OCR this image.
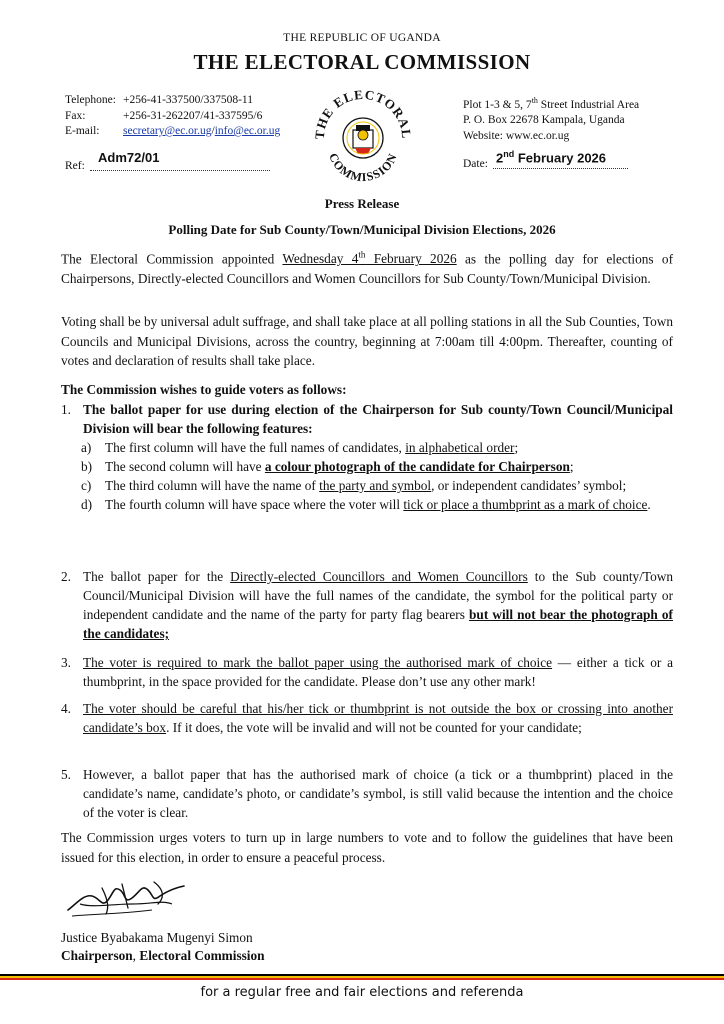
THE REPUBLIC OF UGANDA
THE ELECTORAL COMMISSION
Telephone: +256-41-337500/337508-11
Fax:	+256-31-262207/41-337595/6
E-mail:	secretary@ec.or.ug/info@ec.or.ug
Plot 1-3 & 5, 7th Street Industrial Area
P. O. Box 22678 Kampala, Uganda
Website: www.ec.or.ug
THE ELECTORAL
COMMISSION
Ref:
Adm72/01	Date: 2nd February 2026
Press Release
Polling Date for Sub County/Town/Municipal Division Elections, 2026
The Electoral Commission appointed Wednesday 4th February 2026 as the polling day for elections of Chairpersons, Directly-elected Councillors and Women Councillors for Sub County/Town/Municipal Division.
Voting shall be by universal adult suffrage, and shall take place at all polling stations in all the Sub Counties, Town Councils and Municipal Divisions, across the country, beginning at 7:00am till 4:00pm. Thereafter, counting of votes and declaration of results shall take place.
The Commission wishes to guide voters as follows:
1. The ballot paper for use during election of the Chairperson for Sub county/Town Council/Municipal Division will bear the following features:
a) The first column will have the full names of candidates, in alphabetical order;
b) The second column will have a colour photograph of the candidate for Chairperson;
c) The third column will have the name of the party and symbol, or independent candidates’ symbol;
d) The fourth column will have space where the voter will tick or place a thumbprint as a mark of choice.
2. The ballot paper for the Directly-elected Councillors and Women Councillors to the Sub county/Town Council/Municipal Division will have the full names of the candidate, the symbol for the political party or independent candidate and the name of the party for party flag bearers but will not bear the photograph of the candidates;
3. The voter is required to mark the ballot paper using the authorised mark of choice — either a tick or a thumbprint, in the space provided for the candidate. Please don’t use any other mark!
4. The voter should be careful that his/her tick or thumbprint is not outside the box or crossing into another candidate’s box. If it does, the vote will be invalid and will not be counted for your candidate;
5. However, a ballot paper that has the authorised mark of choice (a tick or a thumbprint) placed in the candidate’s name, candidate’s photo, or candidate’s symbol, is still valid because the intention and the choice of the voter is clear.
The Commission urges voters to turn up in large numbers to vote and to follow the guidelines that have been issued for this election, in order to ensure a peaceful process.
Justice Byabakama Mugenyi Simon
Chairperson, Electoral Commission
for a regular free and fair elections and referenda
